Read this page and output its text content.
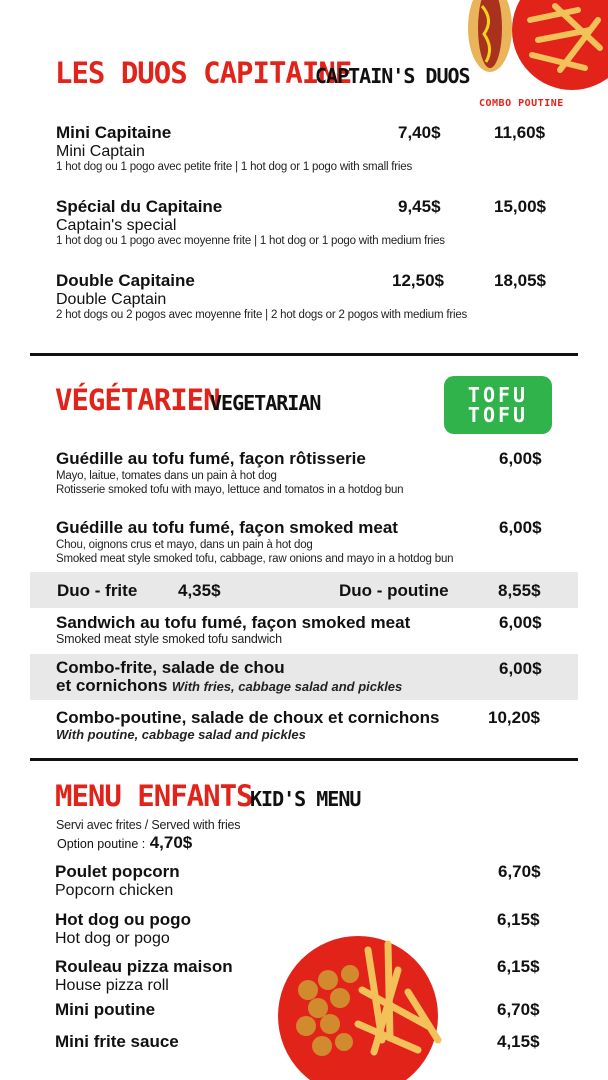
LES DUOS CAPITAINE
CAPTAIN'S DUOS
COMBO POUTINE
Mini Capitaine
Mini Captain
1 hot dog ou 1 pogo avec petite frite | 1 hot dog or 1 pogo with small fries
7,40$	11,60$
Spécial du Capitaine
Captain's special
1 hot dog ou 1 pogo avec moyenne frite | 1 hot dog or 1 pogo with medium fries
9,45$	15,00$
Double Capitaine
Double Captain
2 hot dogs ou 2 pogos avec moyenne frite | 2 hot dogs or 2 pogos with medium fries
12,50$	18,05$
VÉGÉTARIEN
VEGETARIAN	TOFU
TOFU
Guédille au tofu fumé, façon rôtisserie
Mayo, laitue, tomates dans un pain à hot dog
Rotisserie smoked tofu with mayo, lettuce and tomatos in a hotdog bun
6,00$
Guédille au tofu fumé, façon smoked meat
Chou, oignons crus et mayo, dans un pain à hot dog
Smoked meat style smoked tofu, cabbage, raw onions and mayo in a hotdog bun
6,00$
Duo - frite 4,35$	Duo - poutine	8,55$
Sandwich au tofu fumé, façon smoked meat
Smoked meat style smoked tofu sandwich
6,00$
Combo-frite, salade de chou
et cornichons With fries, cabbage salad and pickles
6,00$
Combo-poutine, salade de choux et cornichons
With poutine, cabbage salad and pickles
10,20$
MENU ENFANTS
KID'S MENU
Servi avec frites / Served with fries
Option poutine : 4,70$
Poulet popcorn
Popcorn chicken
6,70$
Hot dog ou pogo
Hot dog or pogo
6,15$
Rouleau pizza maison
House pizza roll
6,15$
Mini poutine	6,70$
Mini frite sauce	4,15$
